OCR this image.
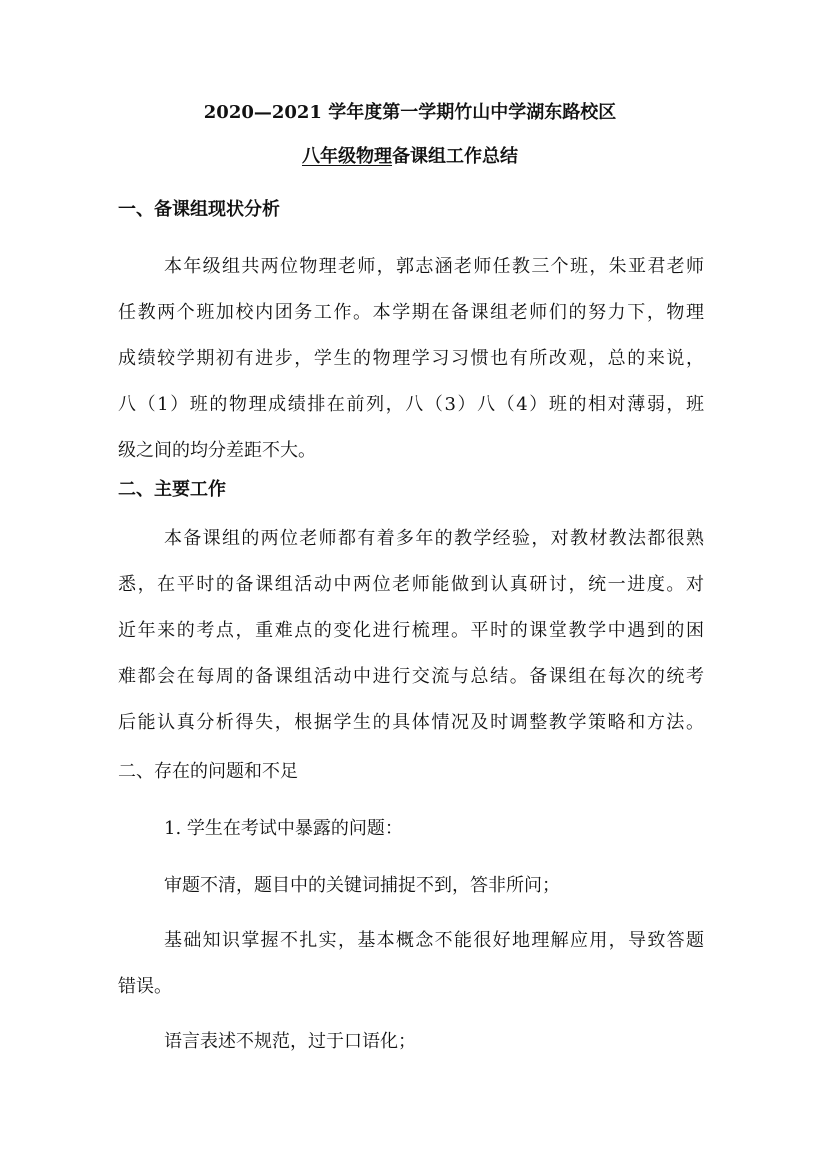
2020—2021 学年度第一学期竹山中学湖东路校区
八年级物理备课组工作总结
一、备课组现状分析
本年级组共两位物理老师，郭志涵老师任教三个班，朱亚君老师
任教两个班加校内团务工作。本学期在备课组老师们的努力下，物理
成绩较学期初有进步，学生的物理学习习惯也有所改观，总的来说，
八（1）班的物理成绩排在前列，八（3）八（4）班的相对薄弱，班
级之间的均分差距不大。
二、主要工作
本备课组的两位老师都有着多年的教学经验，对教材教法都很熟
悉，在平时的备课组活动中两位老师能做到认真研讨，统一进度。对
近年来的考点，重难点的变化进行梳理。平时的课堂教学中遇到的困
难都会在每周的备课组活动中进行交流与总结。备课组在每次的统考
后能认真分析得失，根据学生的具体情况及时调整教学策略和方法。
二、存在的问题和不足
1. 学生在考试中暴露的问题：
审题不清，题目中的关键词捕捉不到，答非所问；
基础知识掌握不扎实，基本概念不能很好地理解应用，导致答题
错误。
语言表述不规范，过于口语化；
